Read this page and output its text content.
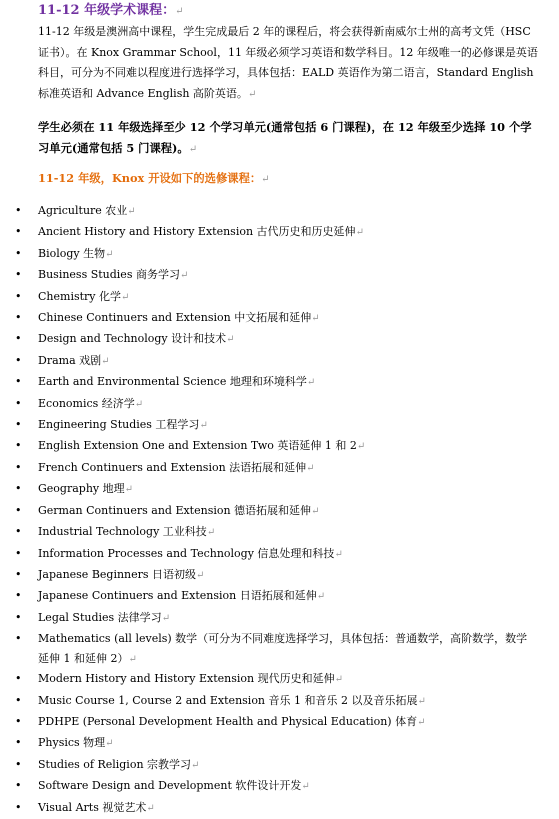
11-12 年级学术课程：↵
11-12 年级是澳洲高中课程，学生完成最后 2 年的课程后，将会获得新南威尔士州的高考文凭（HSC 证书）。在 Knox Grammar School，11 年级必须学习英语和数学科目。12 年级唯一的必修课是英语科目，可分为不同难以程度进行选择学习，具体包括：EALD 英语作为第二语言，Standard English 标准英语和 Advance English 高阶英语。↵
学生必须在 11 年级选择至少 12 个学习单元(通常包括 6 门课程)，在 12 年级至少选择 10 个学习单元(通常包括 5 门课程)。↵
11-12 年级，Knox 开设如下的选修课程：↵
• Agriculture 农业↵
• Ancient History and History Extension 古代历史和历史延伸↵
• Biology 生物↵
• Business Studies 商务学习↵
• Chemistry 化学↵
• Chinese Continuers and Extension 中文拓展和延伸↵
• Design and Technology 设计和技术↵
• Drama 戏剧↵
• Earth and Environmental Science 地理和环境科学↵
• Economics 经济学↵
• Engineering Studies 工程学习↵
• English Extension One and Extension Two 英语延伸 1 和 2↵
• French Continuers and Extension 法语拓展和延伸↵
• Geography 地理↵
• German Continuers and Extension 德语拓展和延伸↵
• Industrial Technology 工业科技↵
• Information Processes and Technology 信息处理和科技↵
• Japanese Beginners 日语初级↵
• Japanese Continuers and Extension 日语拓展和延伸↵
• Legal Studies 法律学习↵
• Mathematics (all levels) 数学（可分为不同难度选择学习，具体包括：普通数学，高阶数学，数学延伸 1 和延伸 2）↵
• Modern History and History Extension 现代历史和延伸↵
• Music Course 1, Course 2 and Extension 音乐 1 和音乐 2 以及音乐拓展↵
• PDHPE (Personal Development Health and Physical Education) 体育↵
• Physics 物理↵
• Studies of Religion 宗教学习↵
• Software Design and Development 软件设计开发↵
• Visual Arts 视觉艺术↵
